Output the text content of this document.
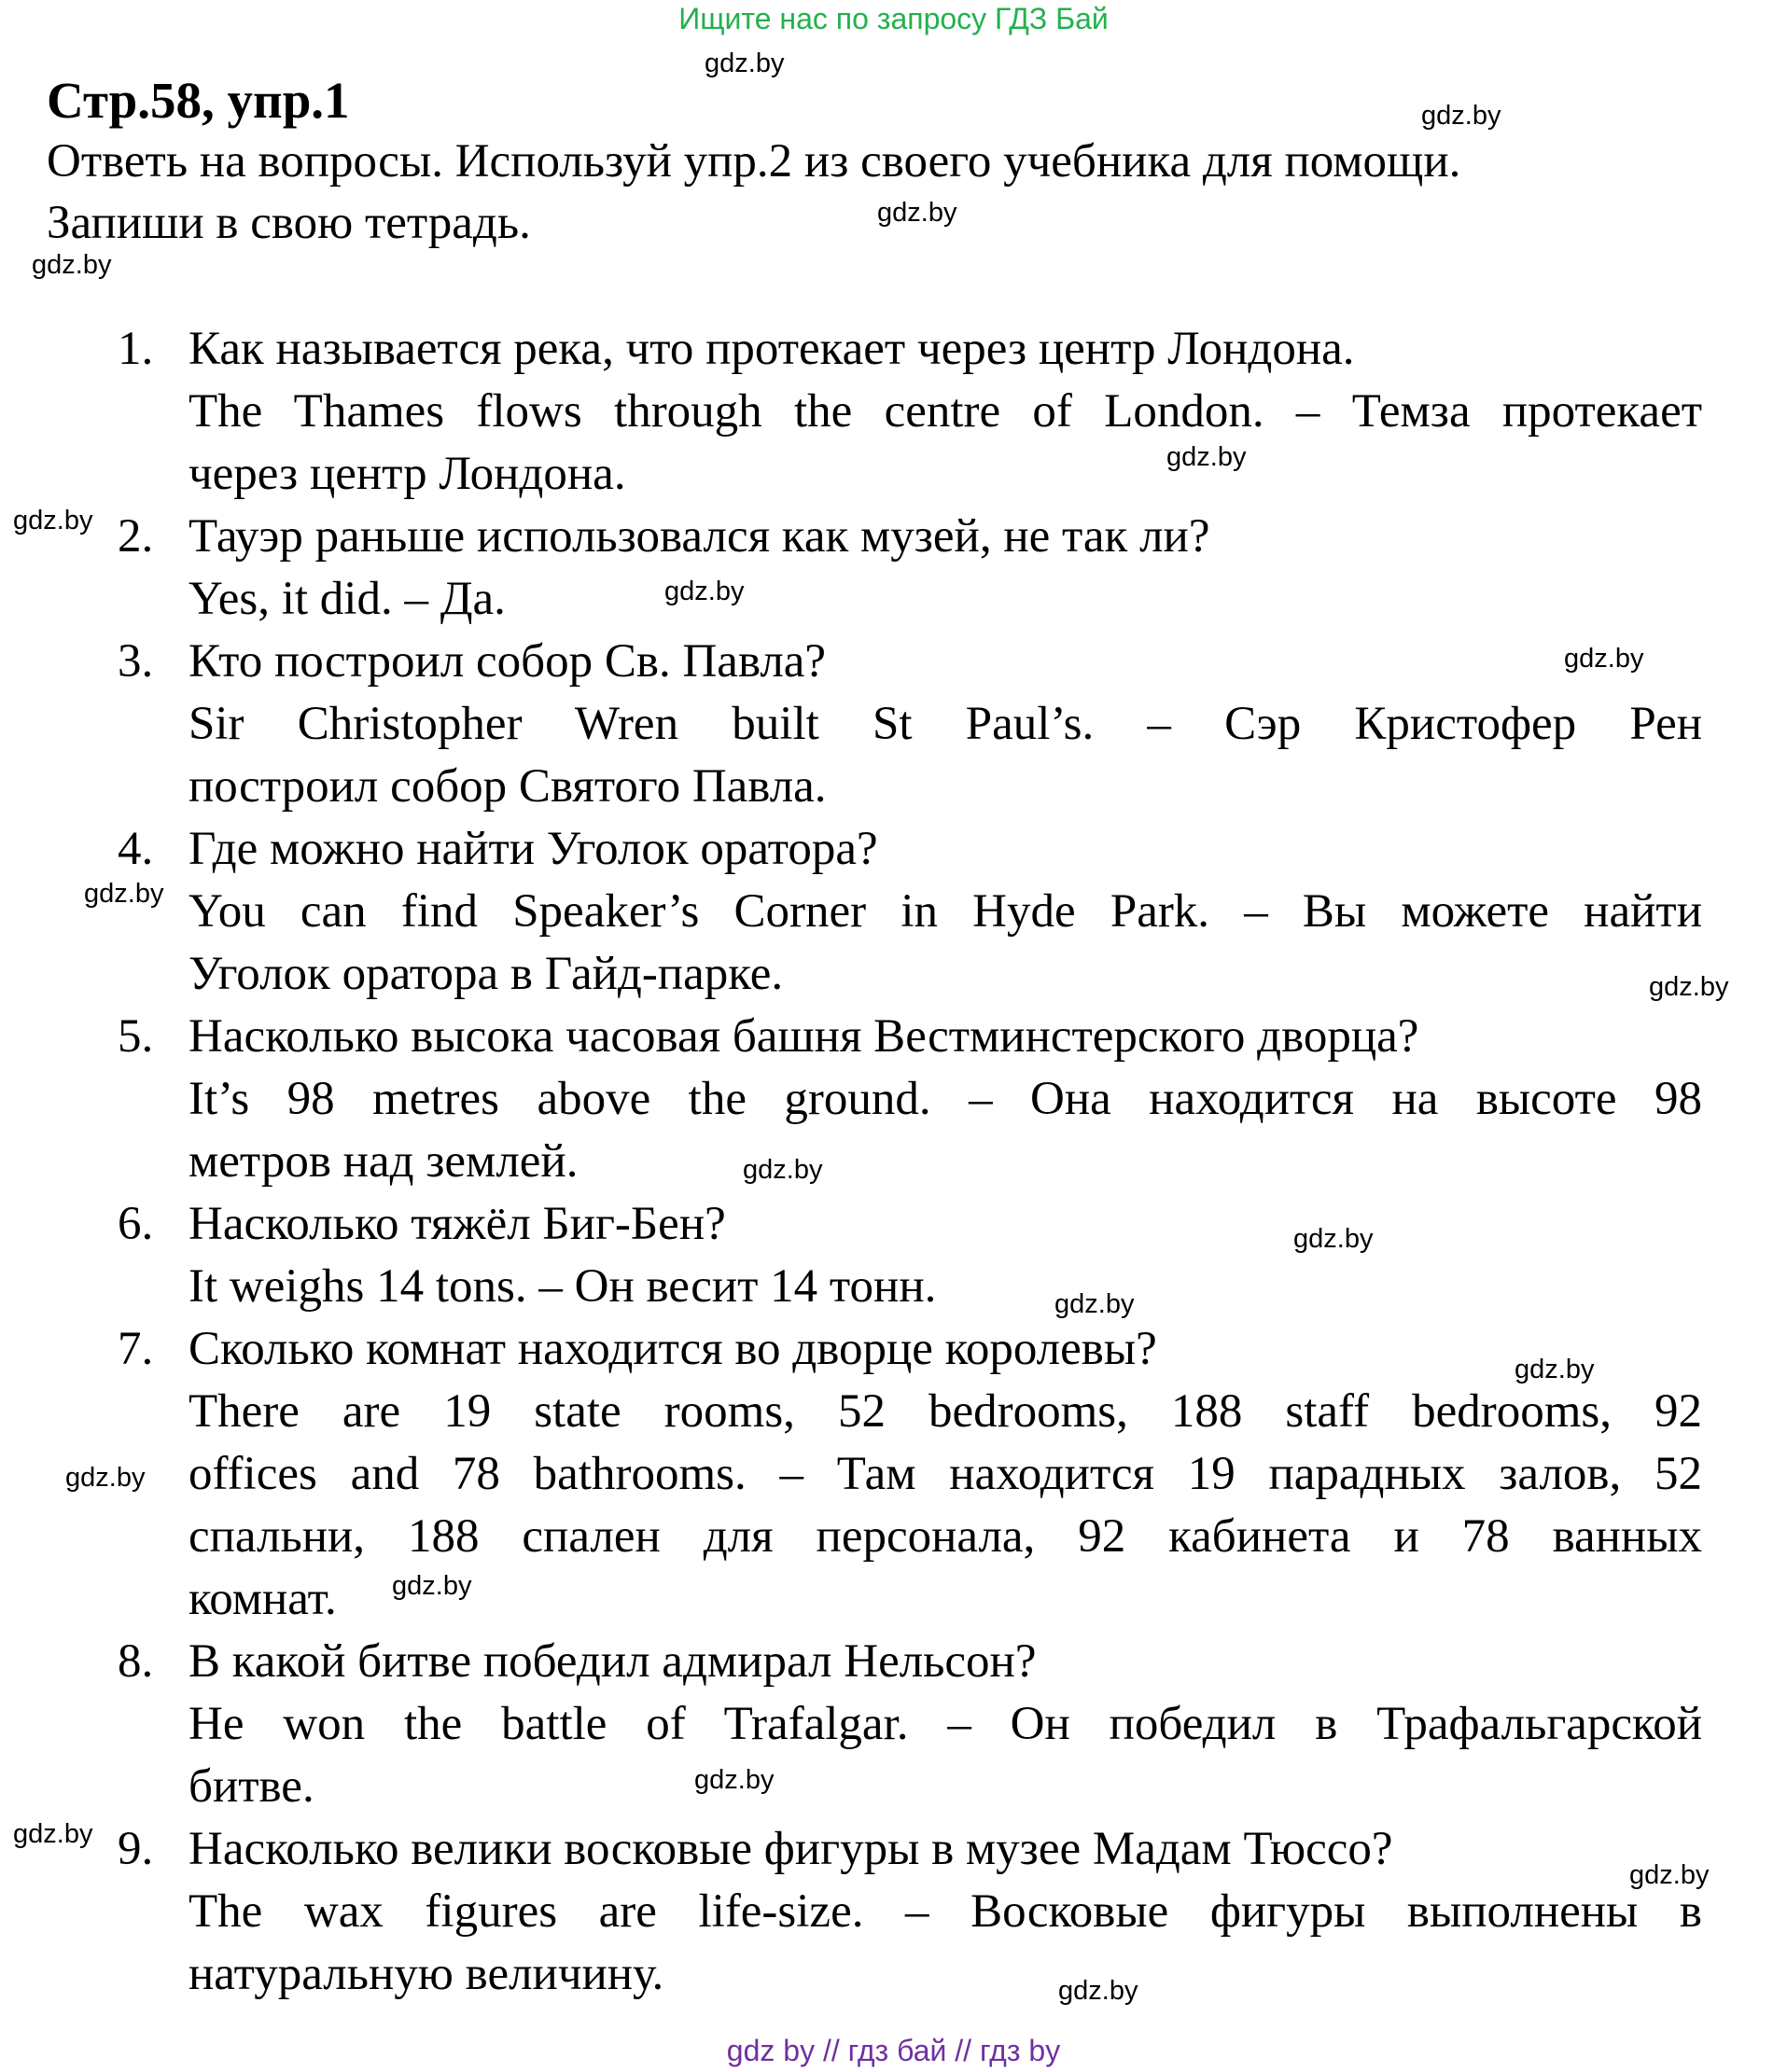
Ищите нас по запросу ГДЗ Бай
Стр.58, упр.1
Ответь на вопросы. Используй упр.2 из своего учебника для помощи.
Запиши в свою тетрадь.
1. Как называется река, что протекает через центр Лондона.
The Thames flows through the centre of London. – Темза протекает
через центр Лондона.
2. Тауэр раньше использовался как музей, не так ли?
Yes, it did. – Да.
3. Кто построил собор Св. Павла?
Sir Christopher Wren built St Paul’s. – Сэр Кристофер Рен
построил собор Святого Павла.
4. Где можно найти Уголок оратора?
You can find Speaker’s Corner in Hyde Park. – Вы можете найти
Уголок оратора в Гайд-парке.
5. Насколько высока часовая башня Вестминстерского дворца?
It’s 98 metres above the ground. – Она находится на высоте 98
метров над землей.
6. Насколько тяжёл Биг-Бен?
It weighs 14 tons. – Он весит 14 тонн.
7. Сколько комнат находится во дворце королевы?
There are 19 state rooms, 52 bedrooms, 188 staff bedrooms, 92
offices and 78 bathrooms. – Там находится 19 парадных залов, 52
спальни, 188 спален для персонала, 92 кабинета и 78 ванных
комнат.
8. В какой битве победил адмирал Нельсон?
He won the battle of Trafalgar. – Он победил в Трафальгарской
битве.
9. Насколько велики восковые фигуры в музее Мадам Тюссо?
The wax figures are life-size. – Восковые фигуры выполнены в
натуральную величину.
gdz.by
gdz.by
gdz.by
gdz.by
gdz.by
gdz.by
gdz.by
gdz.by
gdz.by
gdz.by
gdz.by
gdz.by
gdz.by
gdz.by
gdz.by
gdz.by
gdz.by
gdz.by
gdz.by
gdz.by
gdz by // гдз бай // гдз by
